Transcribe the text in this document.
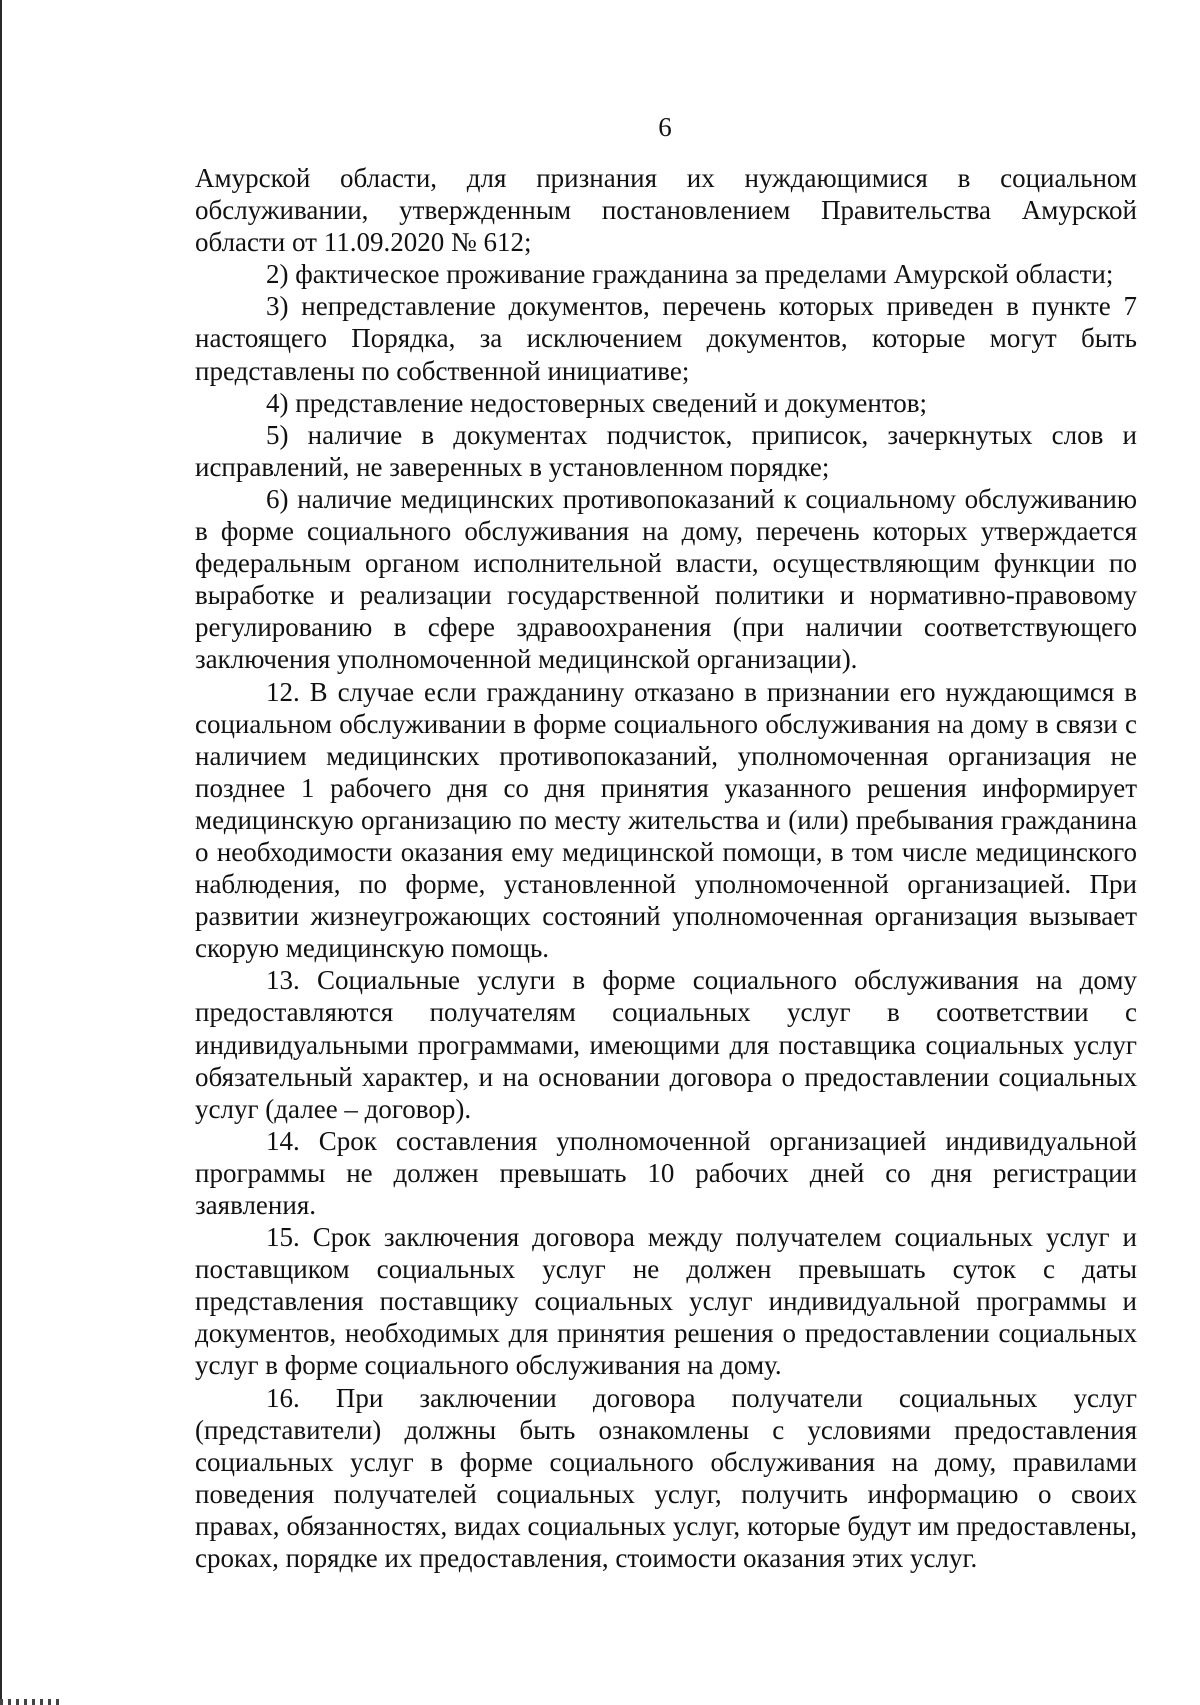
6

Амурской области, для признания их нуждающимися в социальном обслуживании, утвержденным постановлением Правительства Амурской области от 11.09.2020 № 612;

2) фактическое проживание гражданина за пределами Амурской области;

3) непредставление документов, перечень которых приведен в пункте 7 настоящего Порядка, за исключением документов, которые могут быть представлены по собственной инициативе;

4) представление недостоверных сведений и документов;

5) наличие в документах подчисток, приписок, зачеркнутых слов и исправлений, не заверенных в установленном порядке;

6) наличие медицинских противопоказаний к социальному обслуживанию в форме социального обслуживания на дому, перечень которых утверждается федеральным органом исполнительной власти, осуществляющим функции по выработке и реализации государственной политики и нормативно-правовому регулированию в сфере здравоохранения (при наличии соответствующего заключения уполномоченной медицинской организации).

12. В случае если гражданину отказано в признании его нуждающимся в социальном обслуживании в форме социального обслуживания на дому в связи с наличием медицинских противопоказаний, уполномоченная организация не позднее 1 рабочего дня со дня принятия указанного решения информирует медицинскую организацию по месту жительства и (или) пребывания гражданина о необходимости оказания ему медицинской помощи, в том числе медицинского наблюдения, по форме, установленной уполномоченной организацией. При развитии жизнеугрожающих состояний уполномоченная организация вызывает скорую медицинскую помощь.

13. Социальные услуги в форме социального обслуживания на дому предоставляются получателям социальных услуг в соответствии с индивидуальными программами, имеющими для поставщика социальных услуг обязательный характер, и на основании договора о предоставлении социальных услуг (далее – договор).

14. Срок составления уполномоченной организацией индивидуальной программы не должен превышать 10 рабочих дней со дня регистрации заявления.

15. Срок заключения договора между получателем социальных услуг и поставщиком социальных услуг не должен превышать суток с даты представления поставщику социальных услуг индивидуальной программы и документов, необходимых для принятия решения о предоставлении социальных услуг в форме социального обслуживания на дому.

16. При заключении договора получатели социальных услуг (представители) должны быть ознакомлены с условиями предоставления социальных услуг в форме социального обслуживания на дому, правилами поведения получателей социальных услуг, получить информацию о своих правах, обязанностях, видах социальных услуг, которые будут им предоставлены, сроках, порядке их предоставления, стоимости оказания этих услуг.
